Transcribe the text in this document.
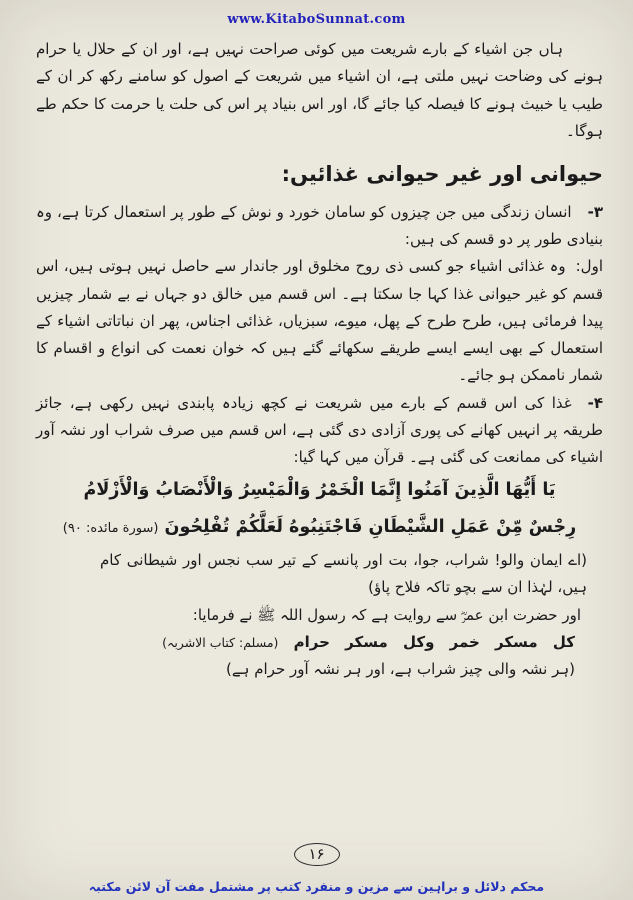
www.KitaboSunnat.com

ہاں جن اشیاء کے بارے شریعت میں کوئی صراحت نہیں ہے، اور ان کے حلال یا حرام ہونے کی وضاحت نہیں ملتی ہے، ان اشیاء میں شریعت کے اصول کو سامنے رکھ کر ان کے طیب یا خبیث ہونے کا فیصلہ کیا جائے گا، اور اس بنیاد پر اس کی حلت یا حرمت کا حکم طے ہوگا۔

حیوانی اور غیر حیوانی غذائیں:

۳-انسان زندگی میں جن چیزوں کو سامان خورد و نوش کے طور پر استعمال کرتا ہے، وہ بنیادی طور پر دو قسم کی ہیں:

اول:وہ غذائی اشیاء جو کسی ذی روح مخلوق اور جاندار سے حاصل نہیں ہوتی ہیں، اس قسم کو غیر حیوانی غذا کہا جا سکتا ہے۔ اس قسم میں خالق دو جہاں نے بے شمار چیزیں پیدا فرمائی ہیں، طرح طرح کے پھل، میوے، سبزیاں، غذائی اجناس، پھر ان نباتاتی اشیاء کے استعمال کے بھی ایسے ایسے طریقے سکھائے گئے ہیں کہ خوان نعمت کی انواع و اقسام کا شمار ناممکن ہو جائے۔

۴-غذا کی اس قسم کے بارے میں شریعت نے کچھ زیادہ پابندی نہیں رکھی ہے، جائز طریقہ پر انہیں کھانے کی پوری آزادی دی گئی ہے، اس قسم میں صرف شراب اور نشہ آور اشیاء کی ممانعت کی گئی ہے۔ قرآن میں کہا گیا:

يَا أَيُّهَا الَّذِينَ آمَنُوا إِنَّمَا الْخَمْرُ وَالْمَيْسِرُ وَالْأَنْصَابُ وَالْأَزْلَامُ
رِجْسٌ مِّنْ عَمَلِ الشَّيْطَانِ فَاجْتَنِبُوهُ لَعَلَّكُمْ تُفْلِحُونَ (سورة مائده: ٩٠)

(اے ایمان والو! شراب، جوا، بت اور پانسے کے تیر سب نجس اور شیطانی کام ہیں، لہٰذا ان سے بچو تاکہ فلاح پاؤ)

اور حضرت ابن عمرؓ سے روایت ہے کہ رسول اللہ ﷺ نے فرمایا:

کل مسکر خمر وکل مسکر حرام (مسلم: کتاب الاشربہ)

(ہر نشہ والی چیز شراب ہے، اور ہر نشہ آور حرام ہے)

۱۶
محکم دلائل و براہین سے مزین و منفرد کتب پر مشتمل مفت آن لائن مکتبہ
